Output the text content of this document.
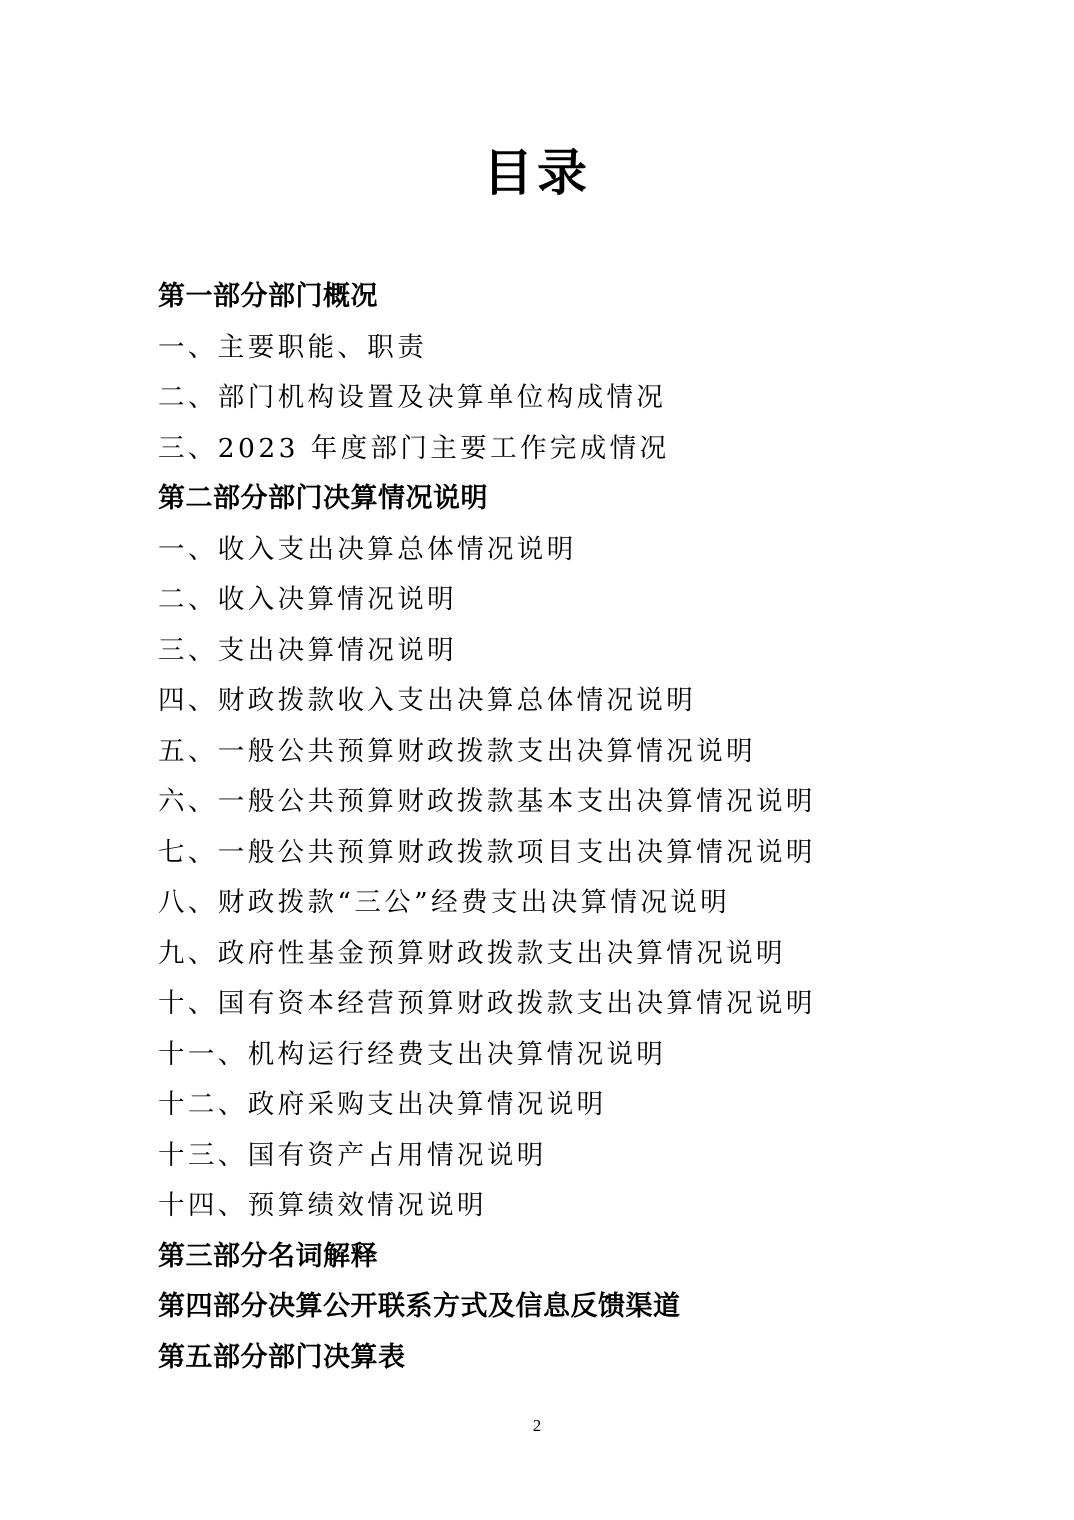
目录
第一部分部门概况
一、主要职能、职责
二、部门机构设置及决算单位构成情况
三、2023 年度部门主要工作完成情况
第二部分部门决算情况说明
一、收入支出决算总体情况说明
二、收入决算情况说明
三、支出决算情况说明
四、财政拨款收入支出决算总体情况说明
五、一般公共预算财政拨款支出决算情况说明
六、一般公共预算财政拨款基本支出决算情况说明
七、一般公共预算财政拨款项目支出决算情况说明
八、财政拨款“三公”经费支出决算情况说明
九、政府性基金预算财政拨款支出决算情况说明
十、国有资本经营预算财政拨款支出决算情况说明
十一、机构运行经费支出决算情况说明
十二、政府采购支出决算情况说明
十三、国有资产占用情况说明
十四、预算绩效情况说明
第三部分名词解释
第四部分决算公开联系方式及信息反馈渠道
第五部分部门决算表
2
